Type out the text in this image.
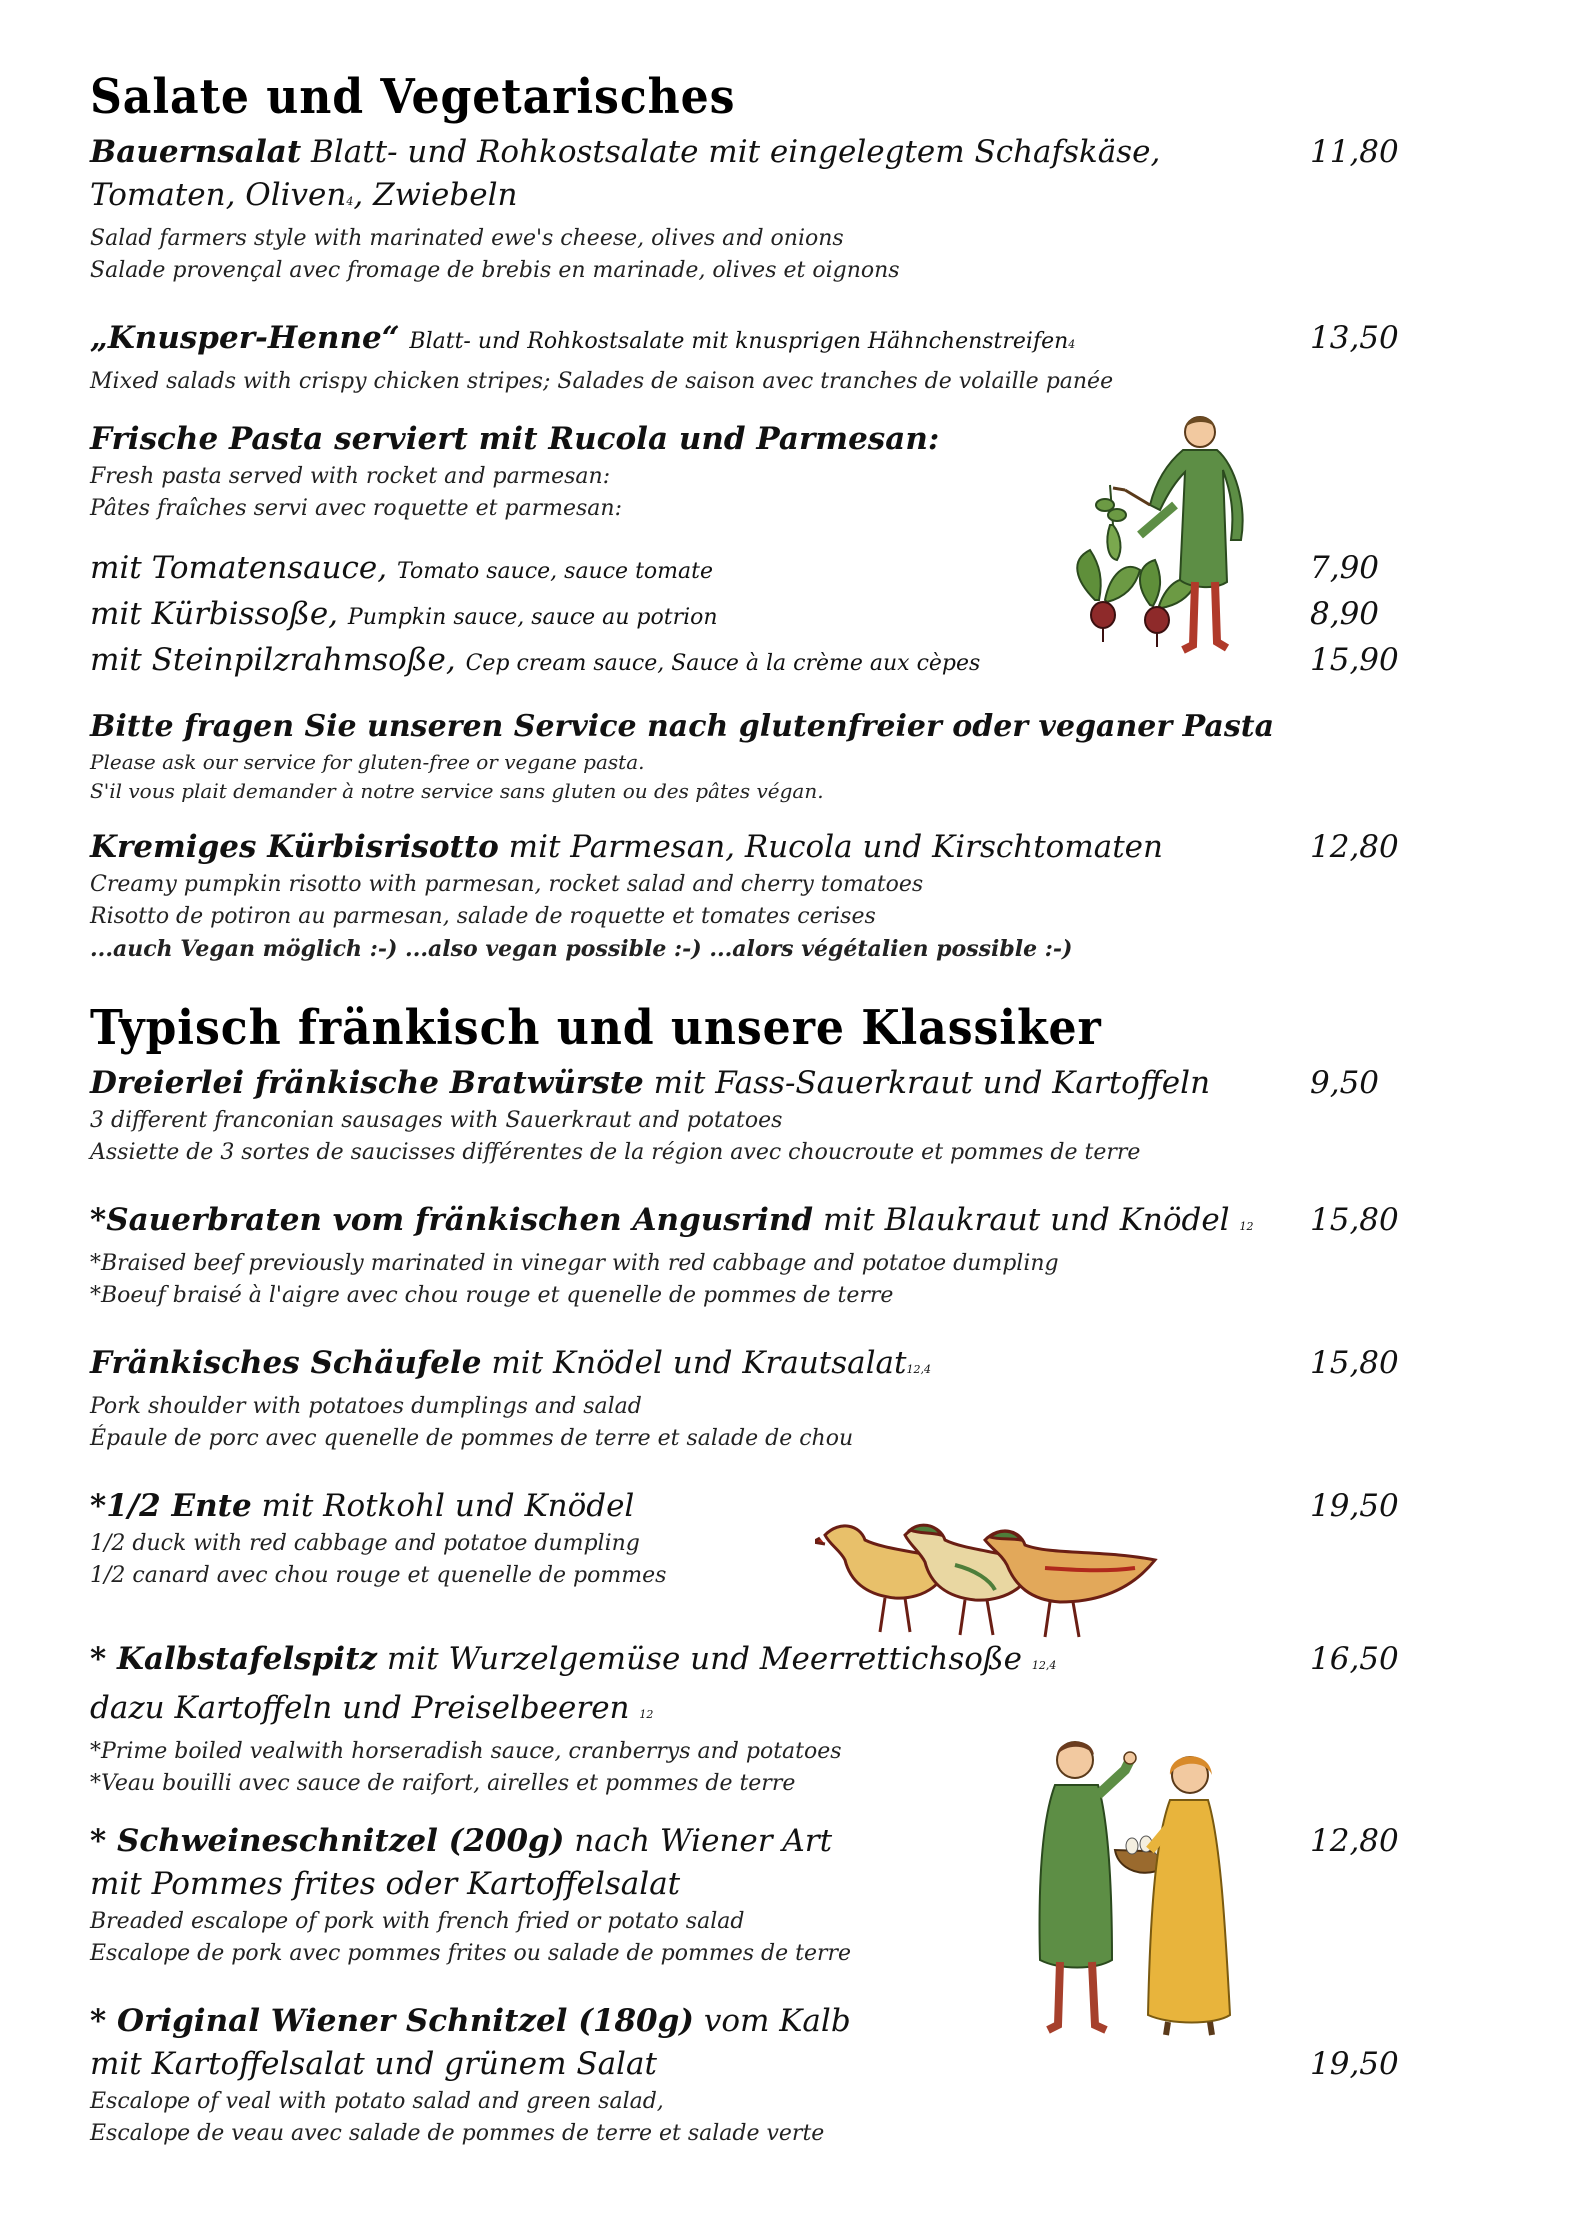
Salate und Vegetarisches
Bauernsalat Blatt- und Rohkostsalate mit eingelegtem Schafskäse,	11,80
Tomaten, Oliven4, Zwiebeln
Salad farmers style with marinated ewe's cheese, olives and onions
Salade provençal avec fromage de brebis en marinade, olives et oignons
„Knusper-Henne“ Blatt- und Rohkostsalate mit knusprigen Hähnchenstreifen4	13,50
Mixed salads with crispy chicken stripes; Salades de saison avec tranches de volaille panée
Frische Pasta serviert mit Rucola und Parmesan:
Fresh pasta served with rocket and parmesan:
Pâtes fraîches servi avec roquette et parmesan:
mit Tomatensauce, Tomato sauce, sauce tomate	7,90
mit Kürbissoße, Pumpkin sauce, sauce au potrion	8,90
mit Steinpilzrahmsoße, Cep cream sauce, Sauce à la crème aux cèpes	15,90
Bitte fragen Sie unseren Service nach glutenfreier oder veganer Pasta
Please ask our service for gluten-free or vegane pasta.
S'il vous plait demander à notre service sans gluten ou des pâtes végan.
Kremiges Kürbisrisotto mit Parmesan, Rucola und Kirschtomaten	12,80
Creamy pumpkin risotto with parmesan, rocket salad and cherry tomatoes
Risotto de potiron au parmesan, salade de roquette et tomates cerises
...auch Vegan möglich :-) ...also vegan possible :-) ...alors végétalien possible :-)
Typisch fränkisch und unsere Klassiker
Dreierlei fränkische Bratwürste mit Fass-Sauerkraut und Kartoffeln	9,50
3 different franconian sausages with Sauerkraut and potatoes
Assiette de 3 sortes de saucisses différentes de la région avec choucroute et pommes de terre
*Sauerbraten vom fränkischen Angusrind mit Blaukraut und Knödel 12	15,80
*Braised beef previously marinated in vinegar with red cabbage and potatoe dumpling
*Boeuf braisé à l'aigre avec chou rouge et quenelle de pommes de terre
Fränkisches Schäufele mit Knödel und Krautsalat12,4	15,80
Pork shoulder with potatoes dumplings and salad
Épaule de porc avec quenelle de pommes de terre et salade de chou
*1/2 Ente mit Rotkohl und Knödel	19,50
1/2 duck with red cabbage and potatoe dumpling
1/2 canard avec chou rouge et quenelle de pommes
* Kalbstafelspitz mit Wurzelgemüse und Meerrettichsoße 12,4	16,50
dazu Kartoffeln und Preiselbeeren 12
*Prime boiled vealwith horseradish sauce, cranberrys and potatoes
*Veau bouilli avec sauce de raifort, airelles et pommes de terre
* Schweineschnitzel (200g) nach Wiener Art	12,80
mit Pommes frites oder Kartoffelsalat
Breaded escalope of pork with french fried or potato salad
Escalope de pork avec pommes frites ou salade de pommes de terre
* Original Wiener Schnitzel (180g) vom Kalb
mit Kartoffelsalat und grünem Salat	19,50
Escalope of veal with potato salad and green salad,
Escalope de veau avec salade de pommes de terre et salade verte
